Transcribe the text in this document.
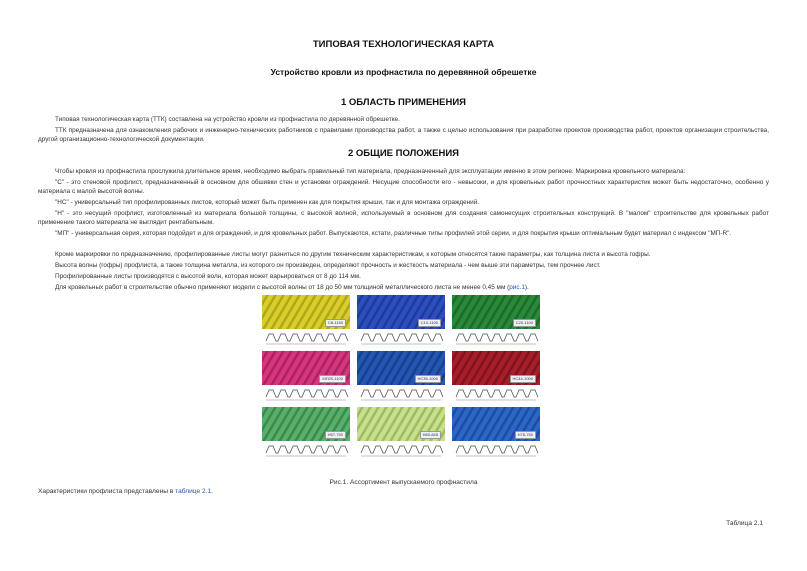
ТИПОВАЯ ТЕХНОЛОГИЧЕСКАЯ КАРТА
Устройство кровли из профнастила по деревянной обрешетке
1 ОБЛАСТЬ ПРИМЕНЕНИЯ
Типовая технологическая карта (ТТК) составлена на устройство кровли из профнастила по деревянной обрешетке.
ТТК предназначена для ознакомления рабочих и инженерно-технических работников с правилами производства работ, а также с целью использования при разработке проектов производства работ, проектов организации строительства, другой организационно-технологической документации.
2 ОБЩИЕ ПОЛОЖЕНИЯ
Чтобы кровля из профнастила прослужила длительное время, необходимо выбрать правильный тип материала, предназначенный для эксплуатации именно в этом регионе. Маркировка кровельного материала:
"С" - это стеновой профлист, предназначенный в основном для обшивки стен и установки ограждений. Несущие способности его - невысоки, и для кровельных работ прочностных характеристик может быть недостаточно, особенно у материала с малой высотой волны.
"НС" - универсальный тип профилированных листов, который может быть применен как для покрытия крыши, так и для монтажа ограждений.
"Н" - это несущий профлист, изготовленный из материала большой толщины, с высокой волной, используемый в основном для создания самонесущих строительных конструкций. В "малом" строительстве для кровельных работ применение такого материала не выглядит рентабельным.
"МП" - универсальная серия, которая подойдет и для ограждений, и для кровельных работ. Выпускаются, кстати, различные типы профилей этой серии, и для покрытия крыши оптимальным будет материал с индексом "МП-R".
Кроме маркировки по предназначению, профилированные листы могут разниться по другим техническим характеристикам, к которым относятся такие параметры, как толщина листа и высота гофры.
Высота волны (гофры) профлиста, а также толщина металла, из которого он произведен, определяют прочность и жесткость материала - чем выше эти параметры, тем прочнее лист.
Профилированные листы производятся с высотой волн, которая может варьироваться от 8 до 114 мм.
Для кровельных работ в строительстве обычно применяют модели с высотой волны от 18 до 50 мм толщиной металлического листа не менее 0,45 мм (рис.1).
C8-1150	C10-1100	C20-1100
MП20-1100	HC35-1000	HC44-1000
H57-750	H60-845	H75-750
Рис.1. Ассортимент выпускаемого профнастила
Характеристики профлиста представлены в таблице 2.1.
Таблица 2.1
